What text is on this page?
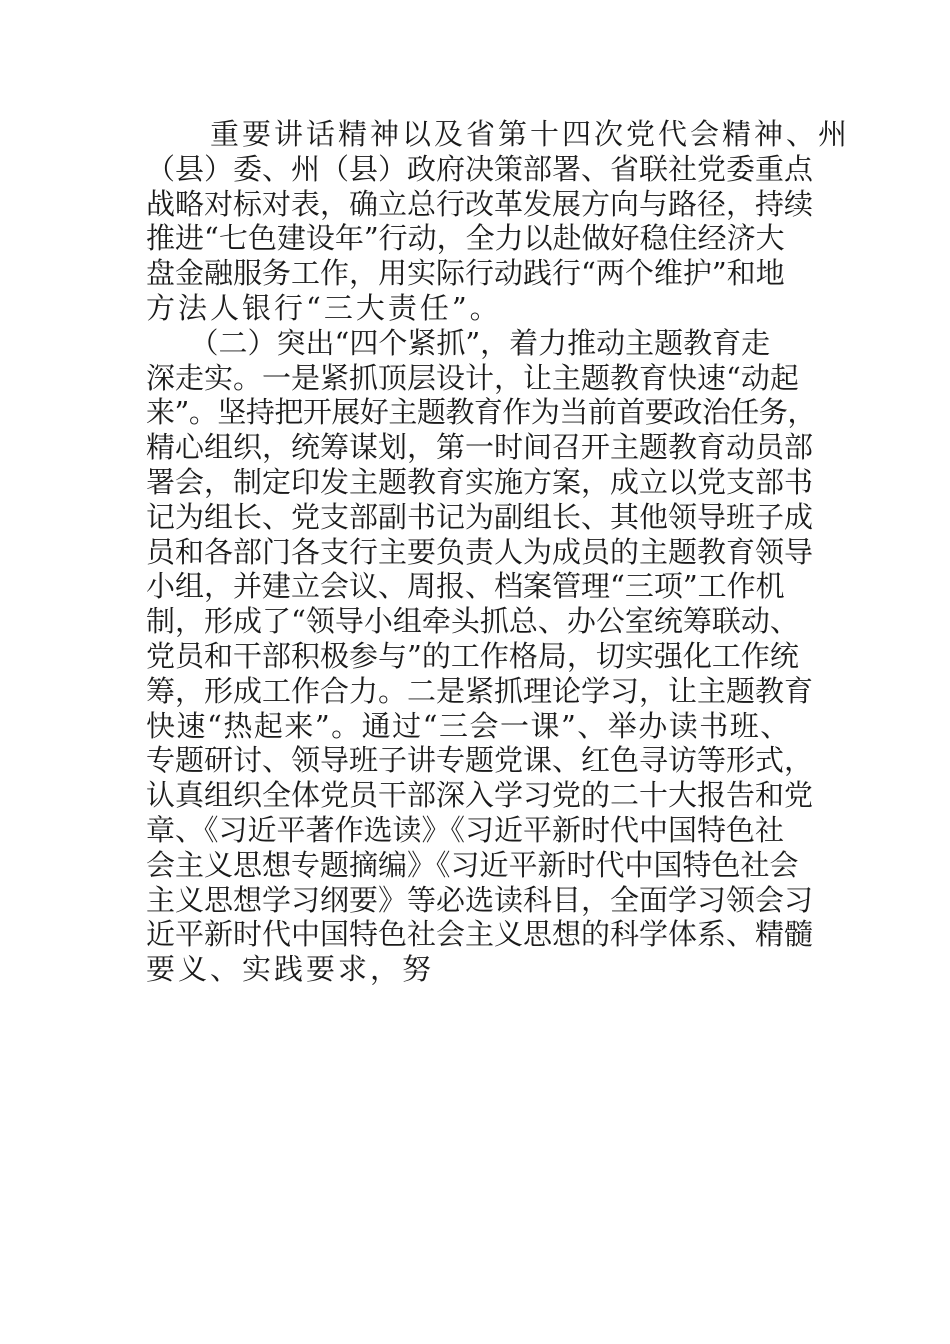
　　重要讲话精神以及省第十四次党代会精神、州
（县）委、州（县）政府决策部署、省联社党委重点
战略对标对表，确立总行改革发展方向与路径，持续
推进“七色建设年”行动，全力以赴做好稳住经济大
盘金融服务工作，用实际行动践行“两个维护”和地
方法人银行“三大责任”。
　　（二）突出“四个紧抓”，着力推动主题教育走
深走实。一是紧抓顶层设计，让主题教育快速“动起
来”。坚持把开展好主题教育作为当前首要政治任务，
精心组织，统筹谋划，第一时间召开主题教育动员部
署会，制定印发主题教育实施方案，成立以党支部书
记为组长、党支部副书记为副组长、其他领导班子成
员和各部门各支行主要负责人为成员的主题教育领导
小组，并建立会议、周报、档案管理“三项”工作机
制，形成了“领导小组牵头抓总、办公室统筹联动、
党员和干部积极参与”的工作格局，切实强化工作统
筹，形成工作合力。二是紧抓理论学习，让主题教育
快速“热起来”。通过“三会一课”、举办读书班、
专题研讨、领导班子讲专题党课、红色寻访等形式，
认真组织全体党员干部深入学习党的二十大报告和党
章、《习近平著作选读》《习近平新时代中国特色社
会主义思想专题摘编》《习近平新时代中国特色社会
主义思想学习纲要》等必选读科目，全面学习领会习
近平新时代中国特色社会主义思想的科学体系、精髓
要义、实践要求，努
